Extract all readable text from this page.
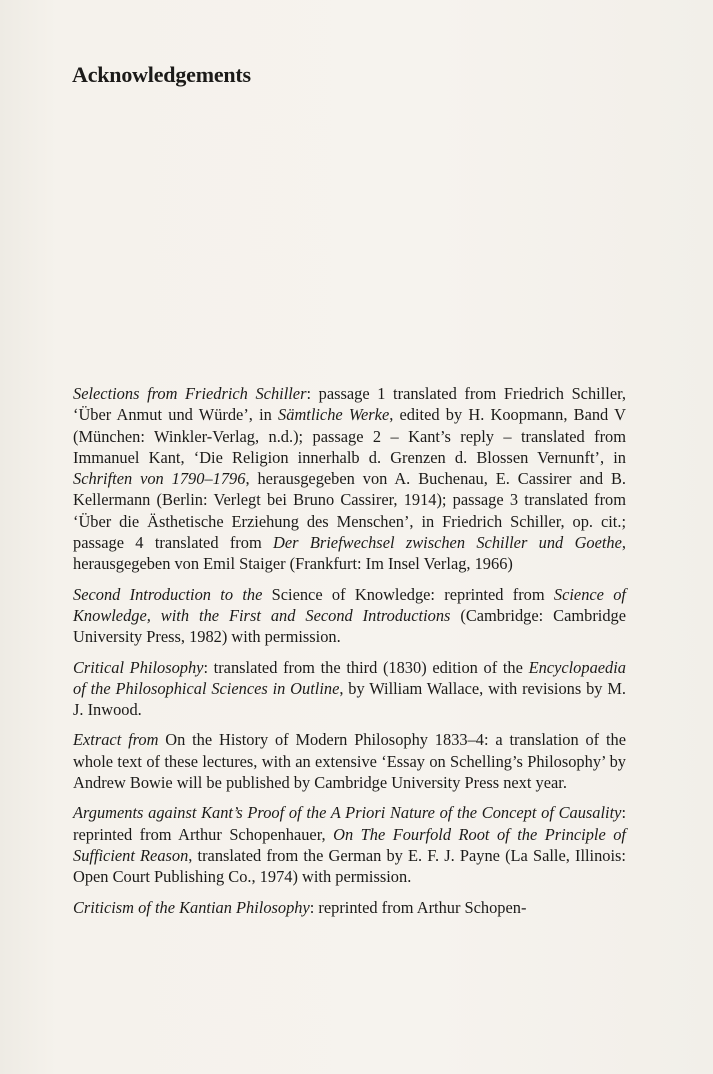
Acknowledgements

Selections from Friedrich Schiller: passage 1 translated from Friedrich Schiller, ‘Über Anmut und Würde’, in Sämtliche Werke, edited by H. Koopmann, Band V (München: Winkler-Verlag, n.d.); passage 2 – Kant’s reply – translated from Immanuel Kant, ‘Die Religion innerhalb d. Grenzen d. Blossen Vernunft’, in Schriften von 1790–1796, herausgegeben von A. Buchenau, E. Cassirer and B. Kellermann (Berlin: Verlegt bei Bruno Cassirer, 1914); passage 3 translated from ‘Über die Ästhetische Erziehung des Menschen’, in Friedrich Schiller, op. cit.; passage 4 translated from Der Briefwechsel zwischen Schiller und Goethe, herausgegeben von Emil Staiger (Frankfurt: Im Insel Verlag, 1966)

Second Introduction to the Science of Knowledge: reprinted from Science of Knowledge, with the First and Second Introductions (Cambridge: Cambridge University Press, 1982) with permission.

Critical Philosophy: translated from the third (1830) edition of the Encyclopaedia of the Philosophical Sciences in Outline, by William Wallace, with revisions by M. J. Inwood.

Extract from On the History of Modern Philosophy 1833–4: a translation of the whole text of these lectures, with an extensive ‘Essay on Schelling’s Philosophy’ by Andrew Bowie will be published by Cambridge University Press next year.

Arguments against Kant’s Proof of the A Priori Nature of the Concept of Causality: reprinted from Arthur Schopenhauer, On The Fourfold Root of the Principle of Sufficient Reason, translated from the German by E. F. J. Payne (La Salle, Illinois: Open Court Publishing Co., 1974) with permission.

Criticism of the Kantian Philosophy: reprinted from Arthur Schopen-
